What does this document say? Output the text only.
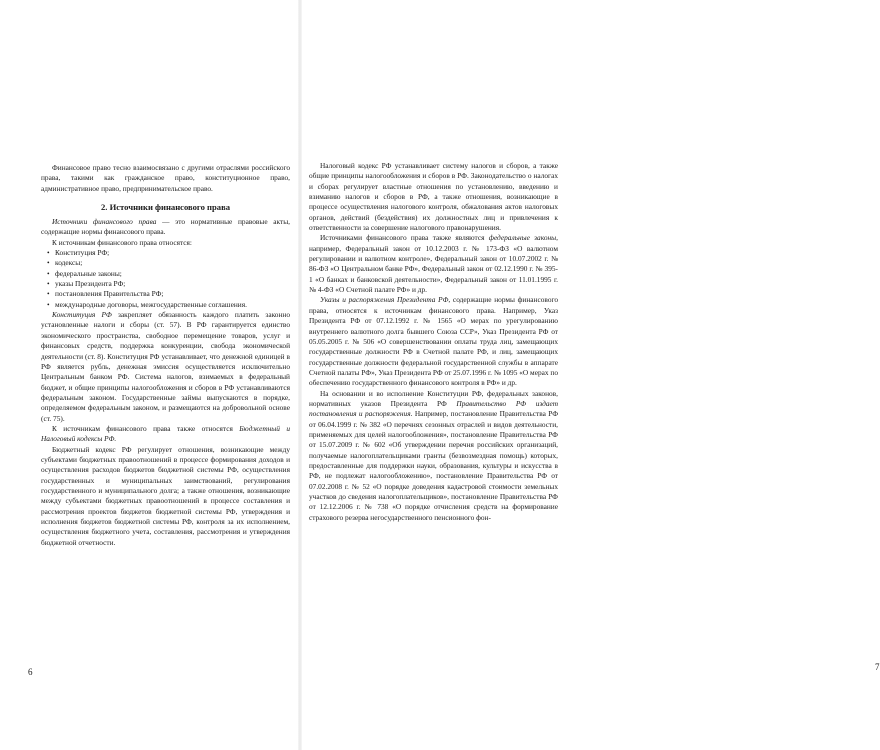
Финансовое право тесно взаимосвязано с другими отраслями российского права, такими как гражданское право, конституционное право, административное право, предпринимательское право.

2. Источники финансового права

Источники финансового права — это нормативные правовые акты, содержащие нормы финансового права.

К источникам финансового права относятся:

• Конституция РФ;
• кодексы;
• федеральные законы;
• указы Президента РФ;
• постановления Правительства РФ;
• международные договоры, межгосударственные соглашения.

Конституция РФ закрепляет обязанность каждого платить законно установленные налоги и сборы (ст. 57). В РФ гарантируется единство экономического пространства, свободное перемещение товаров, услуг и финансовых средств, поддержка конкуренции, свобода экономической деятельности (ст. 8). Конституция РФ устанавливает, что денежной единицей в РФ является рубль, денежная эмиссия осуществляется исключительно Центральным банком РФ. Система налогов, взимаемых в федеральный бюджет, и общие принципы налогообложения и сборов в РФ устанавливаются федеральным законом. Государственные займы выпускаются в порядке, определяемом федеральным законом, и размещаются на добровольной основе (ст. 75).

К источникам финансового права также относятся Бюджетный и Налоговый кодексы РФ.

Бюджетный кодекс РФ регулирует отношения, возникающие между субъектами бюджетных правоотношений в процессе формирования доходов и осуществления расходов бюджетов бюджетной системы РФ, осуществления государственных и муниципальных заимствований, регулирования государственного и муниципального долга; а также отношения, возникающие между субъектами бюджетных правоотношений в процессе составления и рассмотрения проектов бюджетов бюджетной системы РФ, утверждения и исполнения бюджетов бюджетной системы РФ, контроля за их исполнением, осуществления бюджетного учета, составления, рассмотрения и утверждения бюджетной отчетности.

6	7

Налоговый кодекс РФ устанавливает систему налогов и сборов, а также общие принципы налогообложения и сборов в РФ. Законодательство о налогах и сборах регулирует властные отношения по установлению, введению и взиманию налогов и сборов в РФ, а также отношения, возникающие в процессе осуществления налогового контроля, обжалования актов налоговых органов, действий (бездействия) их должностных лиц и привлечения к ответственности за совершение налогового правонарушения.

Источниками финансового права также являются федеральные законы, например, Федеральный закон от 10.12.2003 г. № 173-ФЗ «О валютном регулировании и валютном контроле», Федеральный закон от 10.07.2002 г. № 86-ФЗ «О Центральном банке РФ», Федеральный закон от 02.12.1990 г. № 395-1 «О банках и банковской деятельности», Федеральный закон от 11.01.1995 г. № 4-ФЗ «О Счетной палате РФ» и др.

Указы и распоряжения Президента РФ, содержащие нормы финансового права, относятся к источникам финансового права. Например, Указ Президента РФ от 07.12.1992 г. № 1565 «О мерах по урегулированию внутреннего валютного долга бывшего Союза ССР», Указ Президента РФ от 05.05.2005 г. № 506 «О совершенствовании оплаты труда лиц, замещающих государственные должности РФ в Счетной палате РФ, и лиц, замещающих государственные должности федеральной государственной службы в аппарате Счетной палаты РФ», Указ Президента РФ от 25.07.1996 г. № 1095 «О мерах по обеспечению государственного финансового контроля в РФ» и др.

На основании и во исполнение Конституции РФ, федеральных законов, нормативных указов Президента РФ Правительство РФ издает постановления и распоряжения. Например, постановление Правительства РФ от 06.04.1999 г. № 382 «О перечнях сезонных отраслей и видов деятельности, применяемых для целей налогообложения», постановление Правительства РФ от 15.07.2009 г. № 602 «Об утверждении перечня российских организаций, получаемые налогоплательщиками гранты (безвозмездная помощь) которых, предоставленные для поддержки науки, образования, культуры и искусства в РФ, не подлежат налогообложению», постановление Правительства РФ от 07.02.2008 г. № 52 «О порядке доведения кадастровой стоимости земельных участков до сведения налогоплательщиков», постановление Правительства РФ от 12.12.2006 г. № 738 «О порядке отчисления средств на формирование страхового резерва негосударственного пенсионного фон-
